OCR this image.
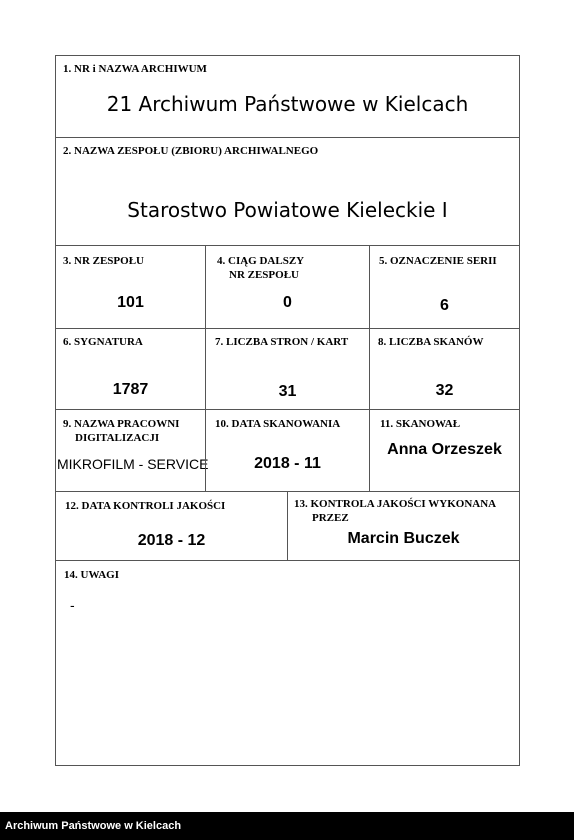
1. NR i NAZWA ARCHIWUM
21 Archiwum Państwowe w Kielcach
2. NAZWA ZESPOŁU (ZBIORU) ARCHIWALNEGO
Starostwo Powiatowe Kieleckie I
3. NR ZESPOŁU
101
4. CIĄG DALSZY
NR ZESPOŁU
0
5. OZNACZENIE SERII
6
6. SYGNATURA
1787
7. LICZBA STRON / KART
31
8. LICZBA SKANÓW
32
9. NAZWA PRACOWNI
DIGITALIZACJI
MIKROFILM - SERVICE
10. DATA SKANOWANIA
2018 - 11
11. SKANOWAŁ
Anna Orzeszek
12. DATA KONTROLI JAKOŚCI
2018 - 12
13. KONTROLA JAKOŚCI WYKONANA
PRZEZ
Marcin Buczek
14. UWAGI
-
Archiwum Państwowe w Kielcach
